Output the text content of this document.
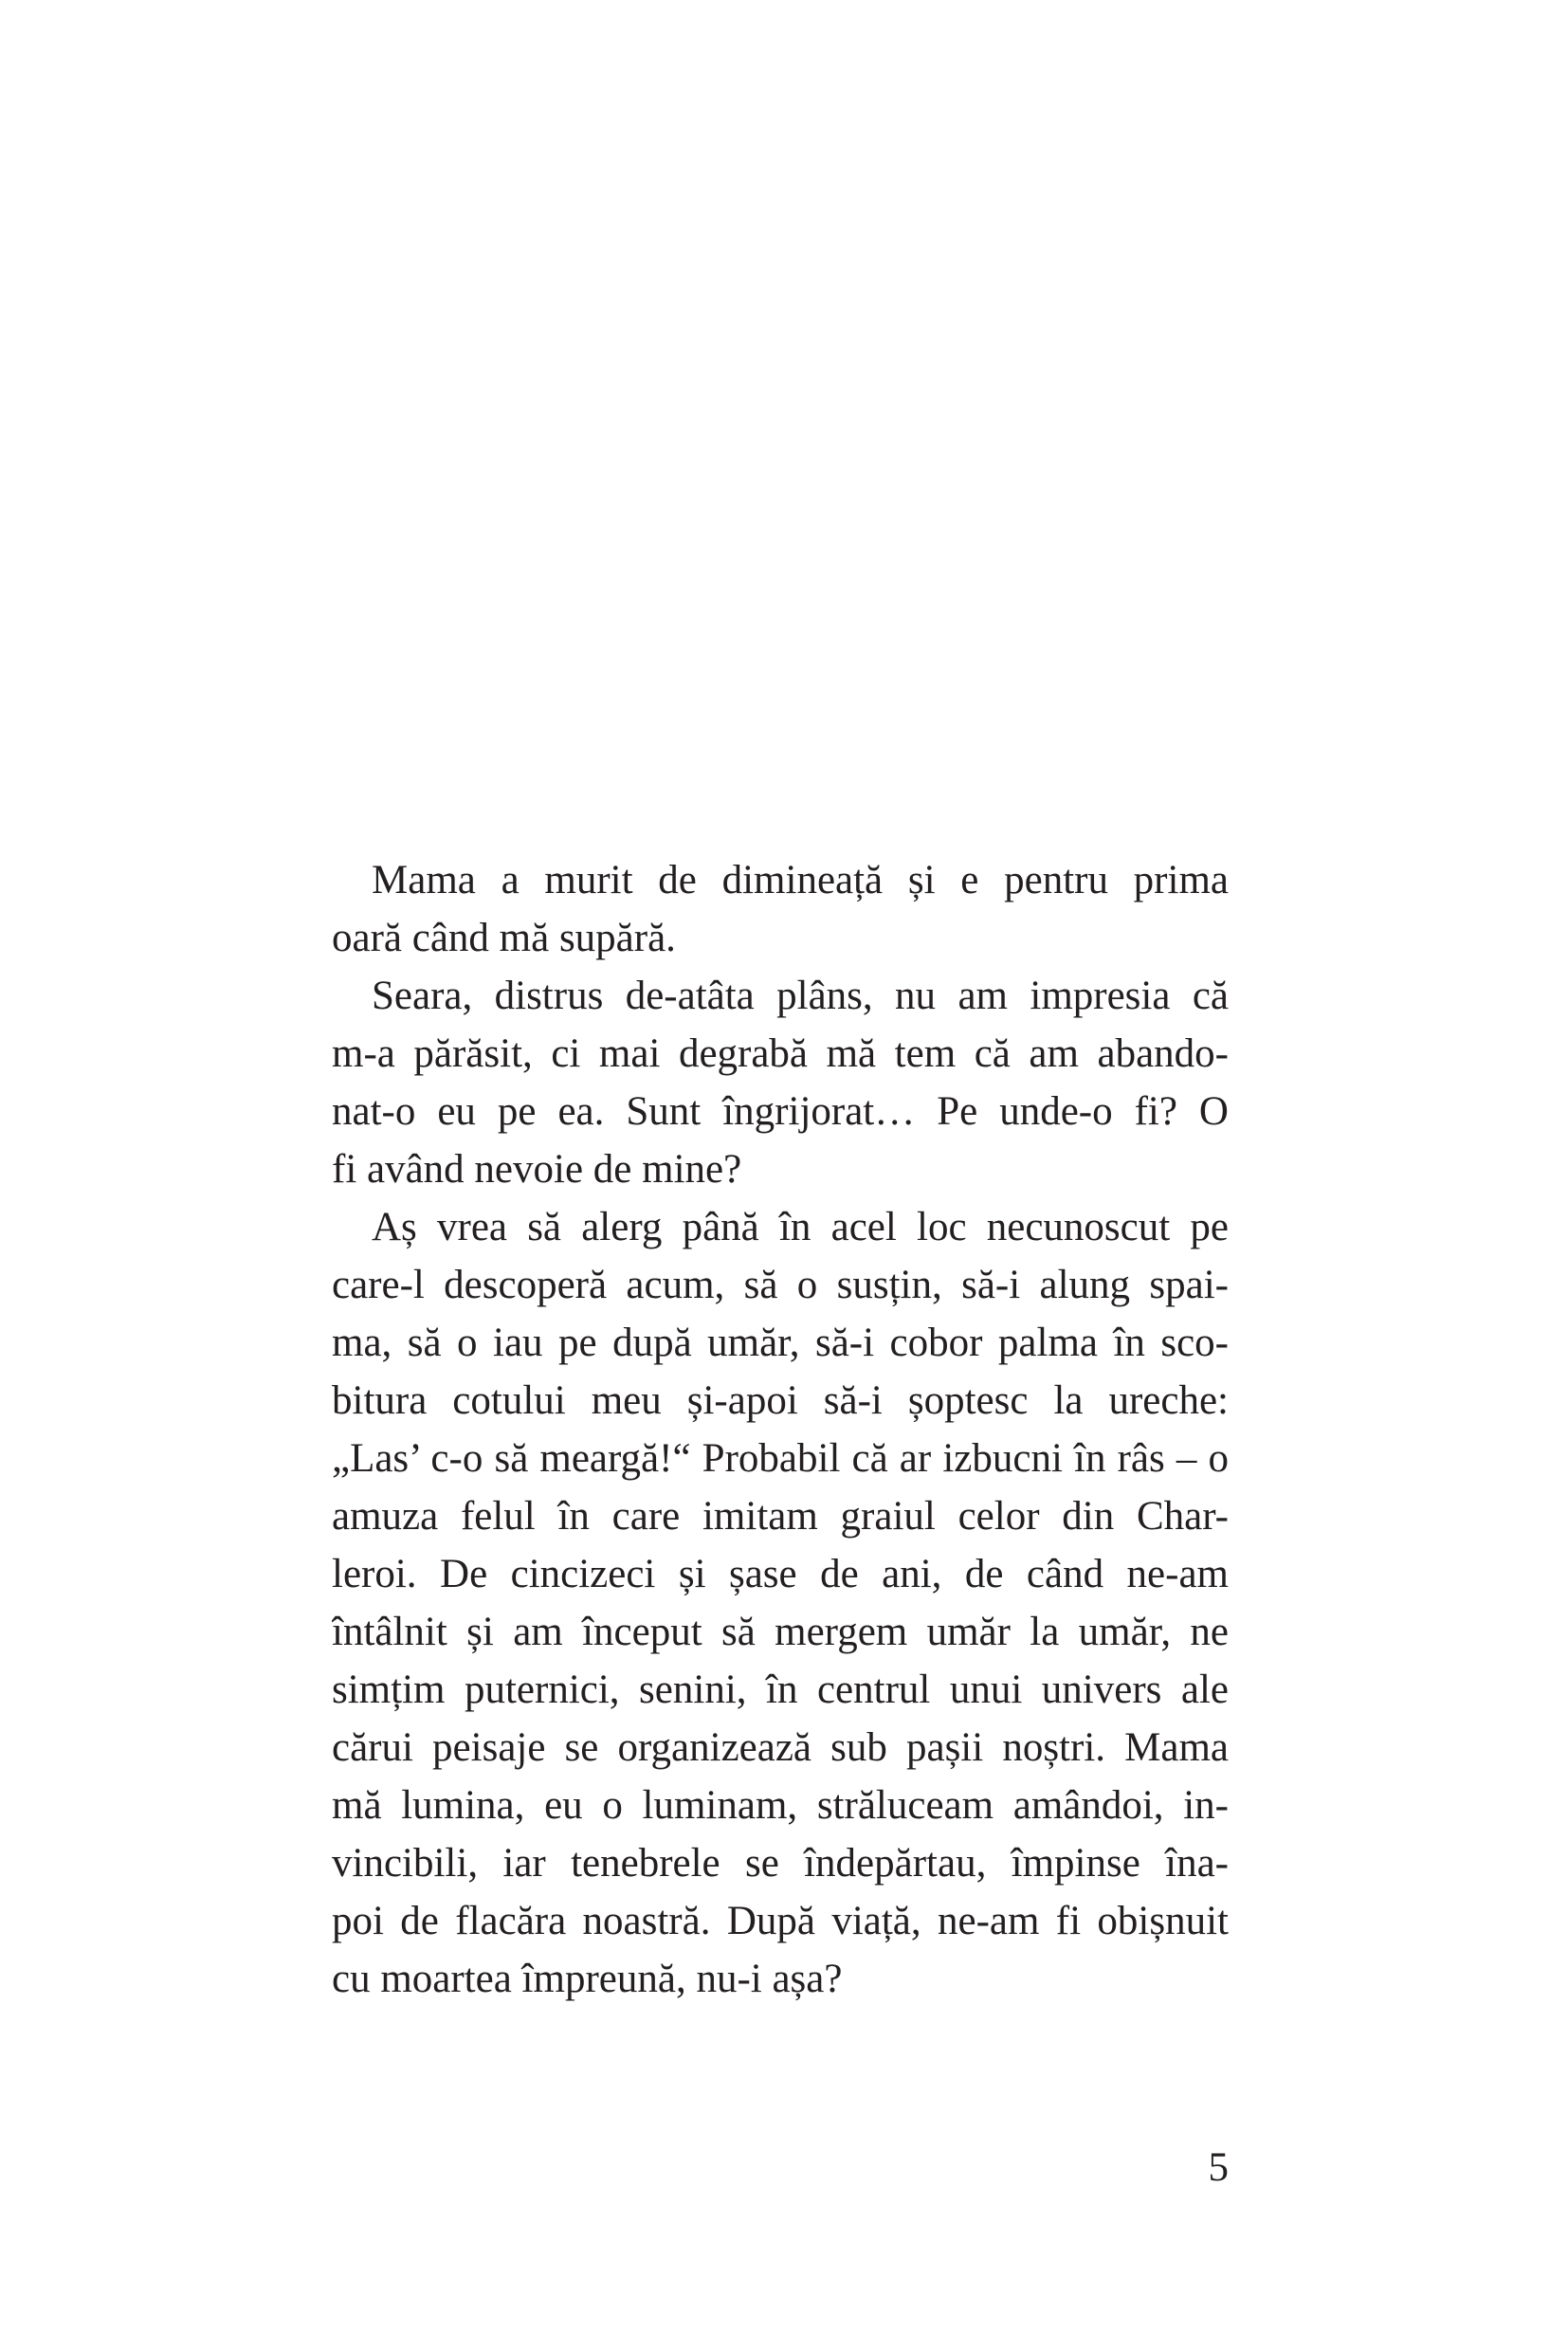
Mama a murit de dimineață și e pentru prima
oară când mă supără.
Seara, distrus de-atâta plâns, nu am impresia că
m-a părăsit, ci mai degrabă mă tem că am abando-
nat-o eu pe ea. Sunt îngrijorat… Pe unde-o fi? O
fi având nevoie de mine?
Aș vrea să alerg până în acel loc necunoscut pe
care-l descoperă acum, să o susțin, să-i alung spai-
ma, să o iau pe după umăr, să-i cobor palma în sco-
bitura cotului meu și-apoi să-i șoptesc la ureche:
„Las’ c-o să meargă!“ Probabil că ar izbucni în râs – o
amuza felul în care imitam graiul celor din Char-
leroi. De cincizeci și șase de ani, de când ne-am
întâlnit și am început să mergem umăr la umăr, ne
simțim puternici, senini, în centrul unui univers ale
cărui peisaje se organizează sub pașii noștri. Mama
mă lumina, eu o luminam, străluceam amândoi, in-
vincibili, iar tenebrele se îndepărtau, împinse îna-
poi de flacăra noastră. După viață, ne-am fi obișnuit
cu moartea împreună, nu-i așa?
5
